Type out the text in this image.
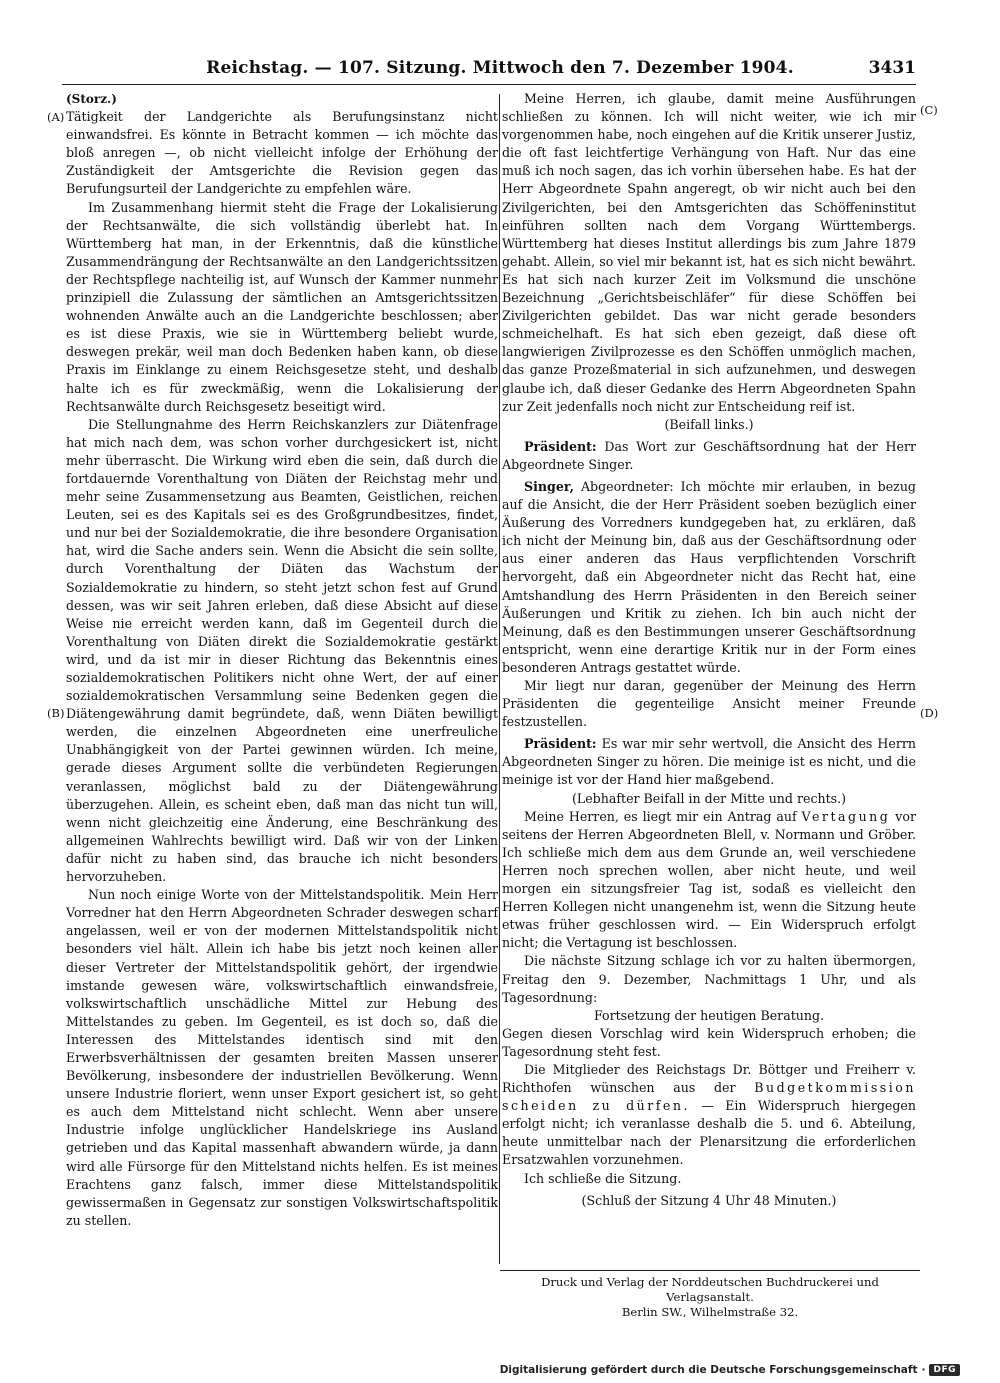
Reichstag. — 107. Sitzung. Mittwoch den 7. Dezember 1904.	3431
(A)
(B)
(C)
(D)

(Storz.)

Tätigkeit der Landgerichte als Berufungsinstanz nicht einwandsfrei. Es könnte in Betracht kommen — ich möchte das bloß anregen —, ob nicht vielleicht infolge der Erhöhung der Zuständigkeit der Amtsgerichte die Revision gegen das Berufungsurteil der Landgerichte zu empfehlen wäre.

Im Zusammenhang hiermit steht die Frage der Lokalisierung der Rechtsanwälte, die sich vollständig überlebt hat. In Württemberg hat man, in der Erkenntnis, daß die künstliche Zusammendrängung der Rechtsanwälte an den Landgerichtssitzen der Rechtspflege nachteilig ist, auf Wunsch der Kammer nunmehr prinzipiell die Zulassung der sämtlichen an Amtsgerichtssitzen wohnenden Anwälte auch an die Landgerichte beschlossen; aber es ist diese Praxis, wie sie in Württemberg beliebt wurde, deswegen prekär, weil man doch Bedenken haben kann, ob diese Praxis im Einklange zu einem Reichsgesetze steht, und deshalb halte ich es für zweckmäßig, wenn die Lokalisierung der Rechtsanwälte durch Reichsgesetz beseitigt wird.

Die Stellungnahme des Herrn Reichskanzlers zur Diätenfrage hat mich nach dem, was schon vorher durchgesickert ist, nicht mehr überrascht. Die Wirkung wird eben die sein, daß durch die fortdauernde Vorenthaltung von Diäten der Reichstag mehr und mehr seine Zusammensetzung aus Beamten, Geistlichen, reichen Leuten, sei es des Kapitals sei es des Großgrundbesitzes, findet, und nur bei der Sozialdemokratie, die ihre besondere Organisation hat, wird die Sache anders sein. Wenn die Absicht die sein sollte, durch Vorenthaltung der Diäten das Wachstum der Sozialdemokratie zu hindern, so steht jetzt schon fest auf Grund dessen, was wir seit Jahren erleben, daß diese Absicht auf diese Weise nie erreicht werden kann, daß im Gegenteil durch die Vorenthaltung von Diäten direkt die Sozialdemokratie gestärkt wird, und da ist mir in dieser Richtung das Bekenntnis eines sozialdemokratischen Politikers nicht ohne Wert, der auf einer sozialdemokratischen Versammlung seine Bedenken gegen die Diätengewährung damit begründete, daß, wenn Diäten bewilligt werden, die einzelnen Abgeordneten eine unerfreuliche Unabhängigkeit von der Partei gewinnen würden. Ich meine, gerade dieses Argument sollte die verbündeten Regierungen veranlassen, möglichst bald zu der Diätengewährung überzugehen. Allein, es scheint eben, daß man das nicht tun will, wenn nicht gleichzeitig eine Änderung, eine Beschränkung des allgemeinen Wahlrechts bewilligt wird. Daß wir von der Linken dafür nicht zu haben sind, das brauche ich nicht besonders hervorzuheben.

Nun noch einige Worte von der Mittelstandspolitik. Mein Herr Vorredner hat den Herrn Abgeordneten Schrader deswegen scharf angelassen, weil er von der modernen Mittelstandspolitik nicht besonders viel hält. Allein ich habe bis jetzt noch keinen aller dieser Vertreter der Mittelstandspolitik gehört, der irgendwie imstande gewesen wäre, volkswirtschaftlich einwandsfreie, volkswirtschaftlich unschädliche Mittel zur Hebung des Mittelstandes zu geben. Im Gegenteil, es ist doch so, daß die Interessen des Mittelstandes identisch sind mit den Erwerbsverhältnissen der gesamten breiten Massen unserer Bevölkerung, insbesondere der industriellen Bevölkerung. Wenn unsere Industrie floriert, wenn unser Export gesichert ist, so geht es auch dem Mittelstand nicht schlecht. Wenn aber unsere Industrie infolge unglücklicher Handelskriege ins Ausland getrieben und das Kapital massenhaft abwandern würde, ja dann wird alle Fürsorge für den Mittelstand nichts helfen. Es ist meines Erachtens ganz falsch, immer diese Mittelstandspolitik gewissermaßen in Gegensatz zur sonstigen Volkswirtschaftspolitik zu stellen.

Meine Herren, ich glaube, damit meine Ausführungen schließen zu können. Ich will nicht weiter, wie ich mir vorgenommen habe, noch eingehen auf die Kritik unserer Justiz, die oft fast leichtfertige Verhängung von Haft. Nur das eine muß ich noch sagen, das ich vorhin übersehen habe. Es hat der Herr Abgeordnete Spahn angeregt, ob wir nicht auch bei den Zivilgerichten, bei den Amtsgerichten das Schöffeninstitut einführen sollten nach dem Vorgang Württembergs. Württemberg hat dieses Institut allerdings bis zum Jahre 1879 gehabt. Allein, so viel mir bekannt ist, hat es sich nicht bewährt. Es hat sich nach kurzer Zeit im Volksmund die unschöne Bezeichnung „Gerichtsbeischläfer“ für diese Schöffen bei Zivilgerichten gebildet. Das war nicht gerade besonders schmeichelhaft. Es hat sich eben gezeigt, daß diese oft langwierigen Zivilprozesse es den Schöffen unmöglich machen, das ganze Prozeßmaterial in sich aufzunehmen, und deswegen glaube ich, daß dieser Gedanke des Herrn Abgeordneten Spahn zur Zeit jedenfalls noch nicht zur Entscheidung reif ist.

(Beifall links.)

Präsident: Das Wort zur Geschäftsordnung hat der Herr Abgeordnete Singer.

Singer, Abgeordneter: Ich möchte mir erlauben, in bezug auf die Ansicht, die der Herr Präsident soeben bezüglich einer Äußerung des Vorredners kundgegeben hat, zu erklären, daß ich nicht der Meinung bin, daß aus der Geschäftsordnung oder aus einer anderen das Haus verpflichtenden Vorschrift hervorgeht, daß ein Abgeordneter nicht das Recht hat, eine Amtshandlung des Herrn Präsidenten in den Bereich seiner Äußerungen und Kritik zu ziehen. Ich bin auch nicht der Meinung, daß es den Bestimmungen unserer Geschäftsordnung entspricht, wenn eine derartige Kritik nur in der Form eines besonderen Antrags gestattet würde.

Mir liegt nur daran, gegenüber der Meinung des Herrn Präsidenten die gegenteilige Ansicht meiner Freunde festzustellen.

Präsident: Es war mir sehr wertvoll, die Ansicht des Herrn Abgeordneten Singer zu hören. Die meinige ist es nicht, und die meinige ist vor der Hand hier maßgebend.

(Lebhafter Beifall in der Mitte und rechts.)

Meine Herren, es liegt mir ein Antrag auf Vertagung vor seitens der Herren Abgeordneten Blell, v. Normann und Gröber. Ich schließe mich dem aus dem Grunde an, weil verschiedene Herren noch sprechen wollen, aber nicht heute, und weil morgen ein sitzungsfreier Tag ist, sodaß es vielleicht den Herren Kollegen nicht unangenehm ist, wenn die Sitzung heute etwas früher geschlossen wird. — Ein Widerspruch erfolgt nicht; die Vertagung ist beschlossen.

Die nächste Sitzung schlage ich vor zu halten übermorgen, Freitag den 9. Dezember, Nachmittags 1 Uhr, und als Tagesordnung:

Fortsetzung der heutigen Beratung.

Gegen diesen Vorschlag wird kein Widerspruch erhoben; die Tagesordnung steht fest.

Die Mitglieder des Reichstags Dr. Böttger und Freiherr v. Richthofen wünschen aus der Budgetkommission scheiden zu dürfen. — Ein Widerspruch hiergegen erfolgt nicht; ich veranlasse deshalb die 5. und 6. Abteilung, heute unmittelbar nach der Plenarsitzung die erforderlichen Ersatzwahlen vorzunehmen.

Ich schließe die Sitzung.

(Schluß der Sitzung 4 Uhr 48 Minuten.)

Druck und Verlag der Norddeutschen Buchdruckerei und Verlagsanstalt.
Berlin SW., Wilhelmstraße 32.
Digitalisierung gefördert durch die Deutsche Forschungsgemeinschaft · DFG
